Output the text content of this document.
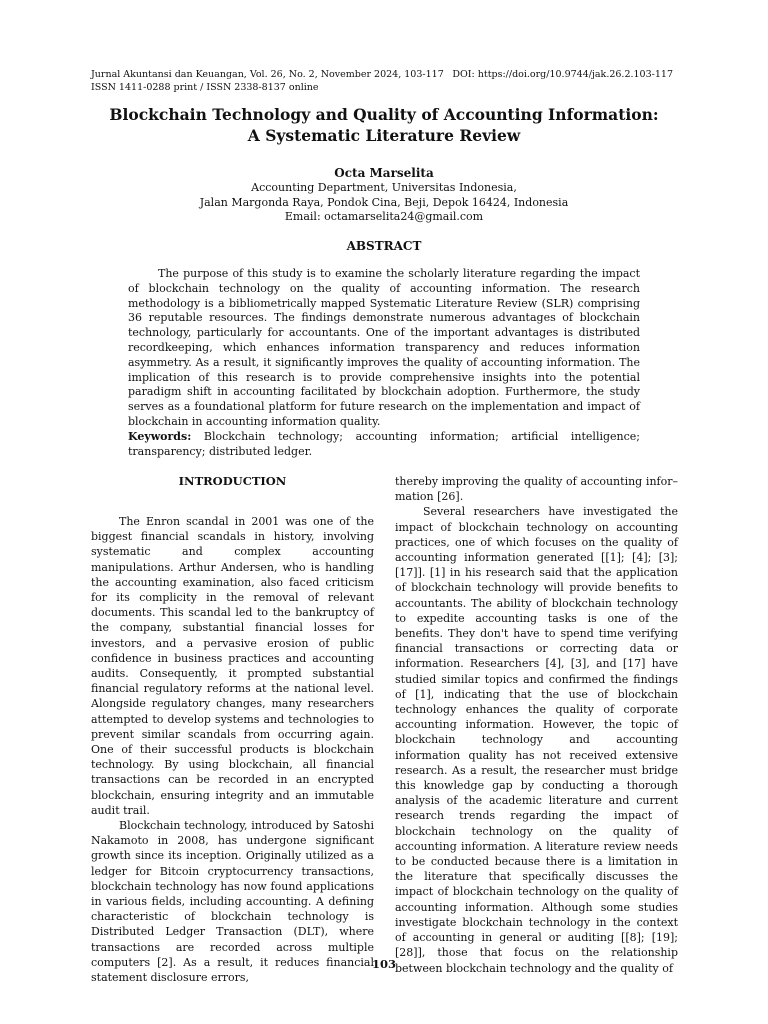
Jurnal Akuntansi dan Keuangan, Vol. 26, No. 2, November 2024, 103-117
ISSN 1411-0288 print / ISSN 2338-8137 online
DOI: https://doi.org/10.9744/jak.26.2.103-117
Blockchain Technology and Quality of Accounting Information:
A Systematic Literature Review
Octa Marselita
Accounting Department, Universitas Indonesia,
Jalan Margonda Raya, Pondok Cina, Beji, Depok 16424, Indonesia
Email: octamarselita24@gmail.com
ABSTRACT

The purpose of this study is to examine the scholarly literature regarding the impact of blockchain technology on the quality of accounting information. The research methodology is a bibliometrically mapped Systematic Literature Review (SLR) comprising 36 reputable resources. The findings demonstrate numerous advantages of blockchain technology, particularly for accountants. One of the important advantages is distributed recordkeeping, which enhances information transparency and reduces information asymmetry. As a result, it significantly improves the quality of accounting information. The implication of this research is to provide comprehensive insights into the potential paradigm shift in accounting facilitated by blockchain adoption. Furthermore, the study serves as a foundational platform for future research on the implementation and impact of blockchain in accounting information quality.

Keywords: Blockchain technology; accounting information; artificial intelligence; transparency; distributed ledger.

INTRODUCTION

The Enron scandal in 2001 was one of the biggest financial scandals in history, involving systematic and complex accounting manipulations. Arthur Andersen, who is handling the accounting examination, also faced criticism for its complicity in the removal of relevant documents. This scandal led to the bankruptcy of the company, substantial financial losses for investors, and a pervasive erosion of public confidence in business practices and accounting audits. Consequently, it prompted substantial financial regulatory reforms at the national level. Alongside regulatory changes, many researchers attempted to develop systems and technologies to prevent similar scandals from occurring again. One of their successful products is blockchain technology. By using blockchain, all financial transactions can be recorded in an encrypted blockchain, ensuring integrity and an immutable audit trail.

Blockchain technology, introduced by Satoshi Nakamoto in 2008, has undergone significant growth since its inception. Originally utilized as a ledger for Bitcoin cryptocurrency transactions, blockchain technology has now found applications in various fields, including accounting. A defining characteristic of blockchain technology is Distributed Ledger Transaction (DLT), where transactions are recorded across multiple computers [2]. As a result, it reduces financial statement disclosure errors,

thereby improving the quality of accounting infor–mation [26].

Several researchers have investigated the impact of blockchain technology on accounting practices, one of which focuses on the quality of accounting information generated [[1]; [4]; [3]; [17]]. [1] in his research said that the application of blockchain technology will provide benefits to accountants. The ability of blockchain technology to expedite accounting tasks is one of the benefits. They don't have to spend time verifying financial transactions or correcting data or information. Researchers [4], [3], and [17] have studied similar topics and confirmed the findings of [1], indicating that the use of blockchain technology enhances the quality of corporate accounting information. However, the topic of blockchain technology and accounting information quality has not received extensive research. As a result, the researcher must bridge this knowledge gap by conducting a thorough analysis of the academic literature and current research trends regarding the impact of blockchain technology on the quality of accounting information. A literature review needs to be conducted because there is a limitation in the literature that specifically discusses the impact of blockchain technology on the quality of accounting information. Although some studies investigate blockchain technology in the context of accounting in general or auditing [[8]; [19]; [28]], those that focus on the relationship between blockchain technology and the quality of

103
